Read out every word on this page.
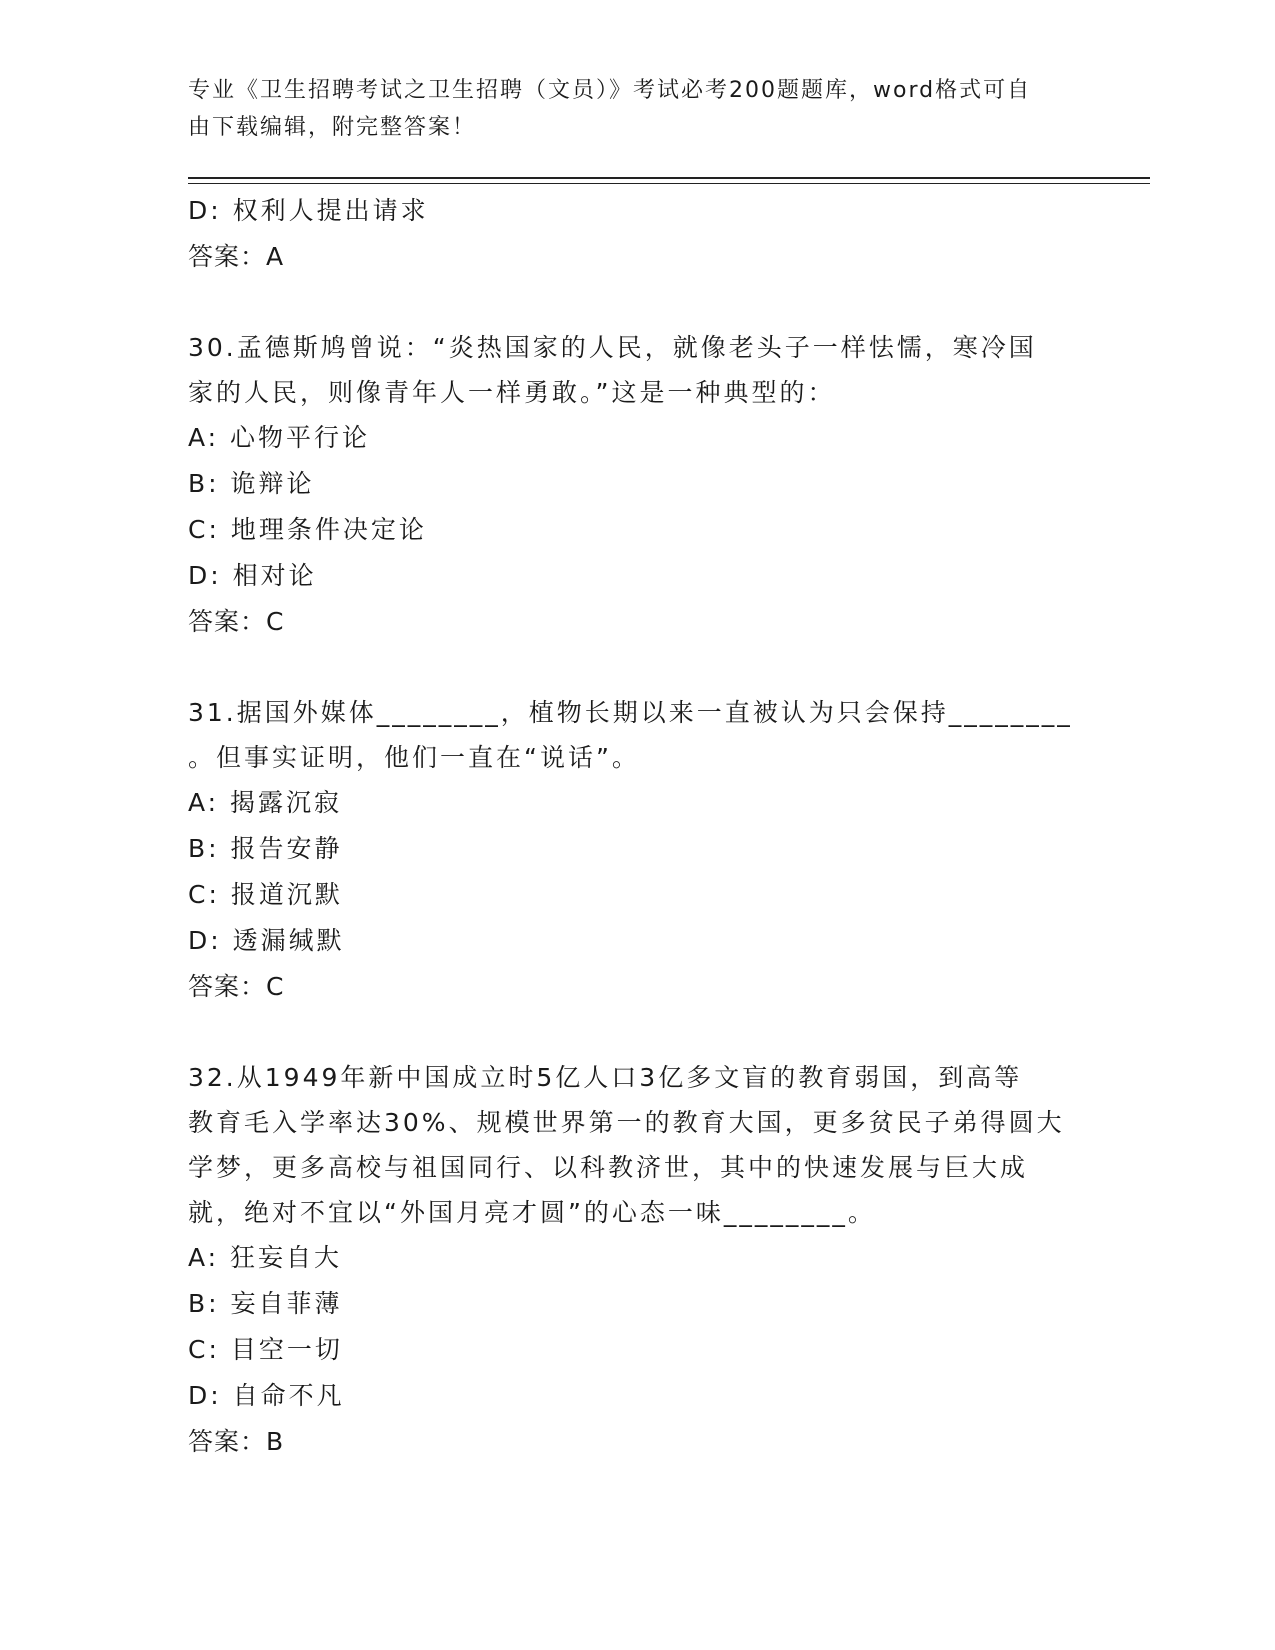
专业《卫生招聘考试之卫生招聘（文员）》考试必考200题题库，word格式可自
由下载编辑，附完整答案！
D: 权利人提出请求
答案：A
30.孟德斯鸠曾说：“炎热国家的人民，就像老头子一样怯懦，寒冷国
家的人民，则像青年人一样勇敢。”这是一种典型的：
A: 心物平行论
B: 诡辩论
C: 地理条件决定论
D: 相对论
答案：C
31.据国外媒体________，植物长期以来一直被认为只会保持________
。但事实证明，他们一直在“说话”。
A: 揭露沉寂
B: 报告安静
C: 报道沉默
D: 透漏缄默
答案：C
32.从1949年新中国成立时5亿人口3亿多文盲的教育弱国，到高等
教育毛入学率达30%、规模世界第一的教育大国，更多贫民子弟得圆大
学梦，更多高校与祖国同行、以科教济世，其中的快速发展与巨大成
就，绝对不宜以“外国月亮才圆”的心态一味________。
A: 狂妄自大
B: 妄自菲薄
C: 目空一切
D: 自命不凡
答案：B
